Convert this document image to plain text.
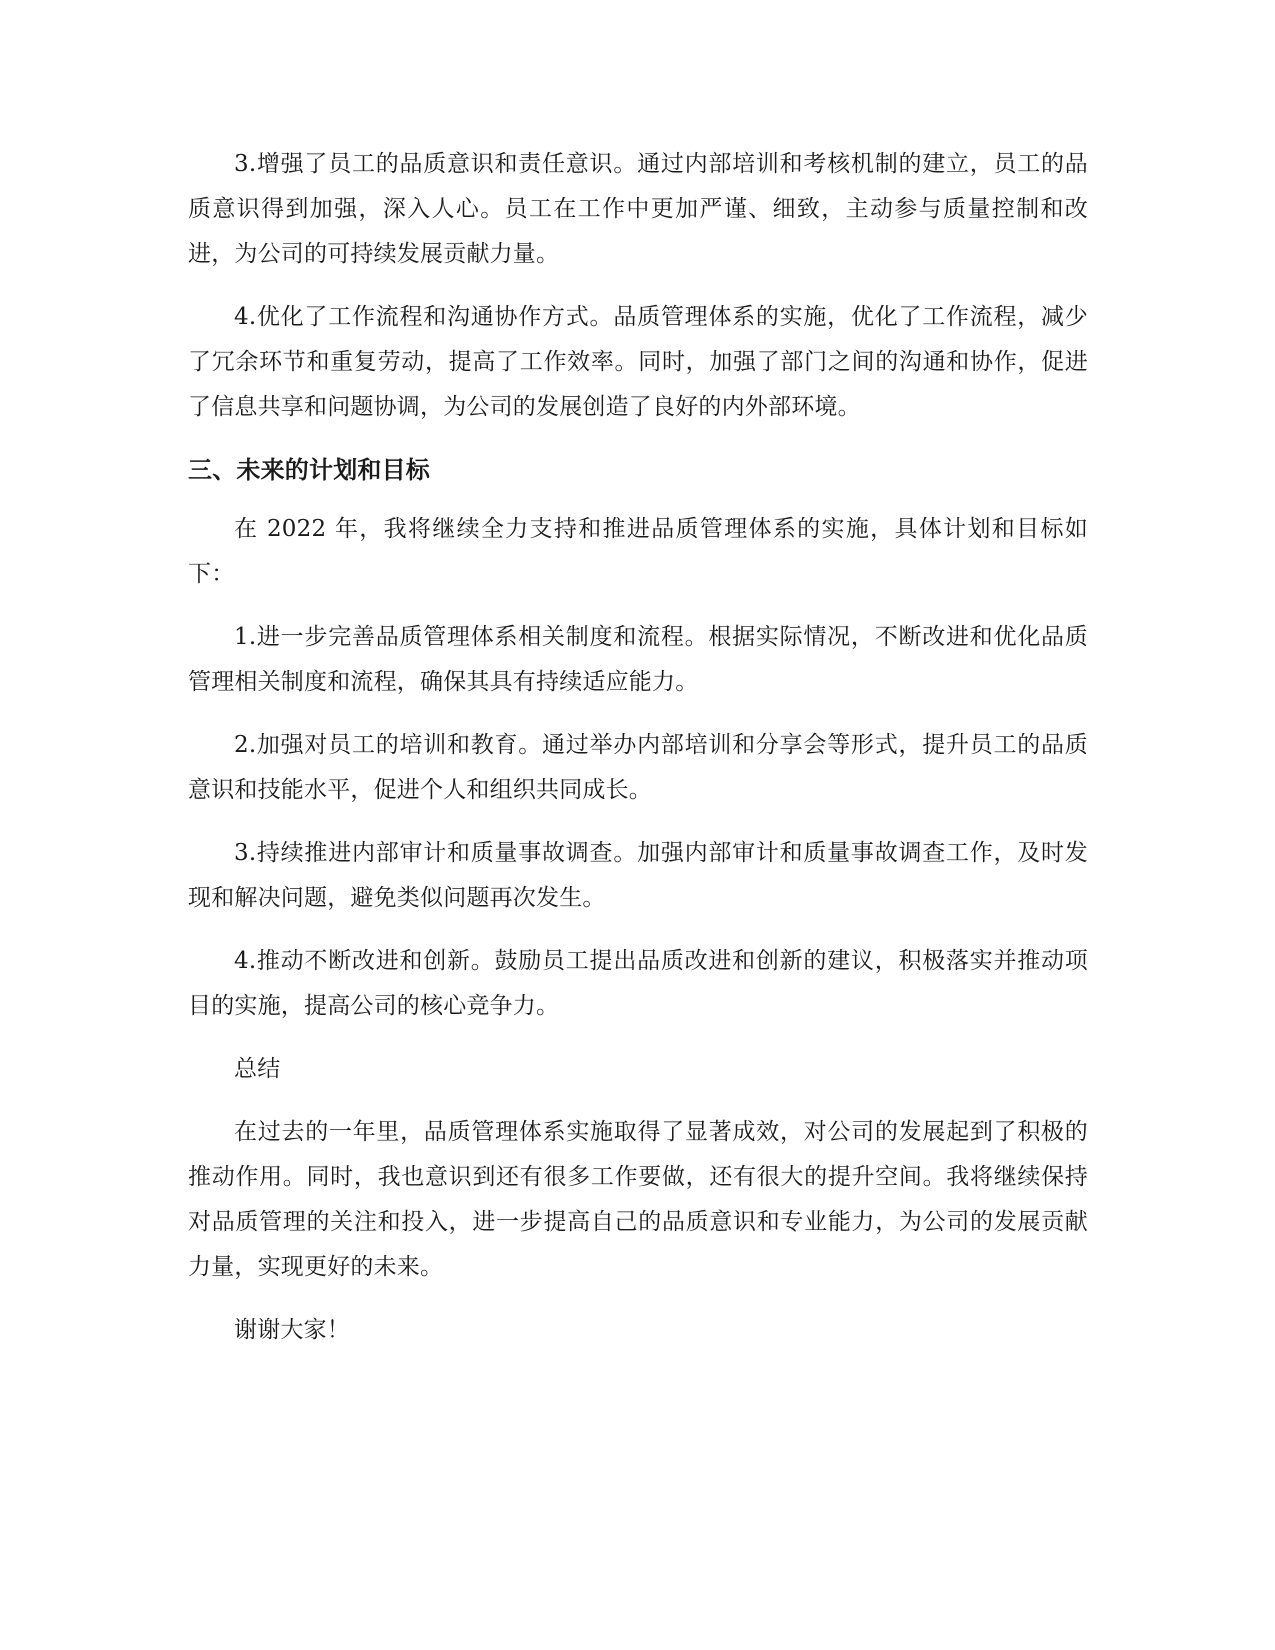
3.增强了员工的品质意识和责任意识。通过内部培训和考核机制的建立，员工的品质意识得到加强，深入人心。员工在工作中更加严谨、细致，主动参与质量控制和改进，为公司的可持续发展贡献力量。

4.优化了工作流程和沟通协作方式。品质管理体系的实施，优化了工作流程，减少了冗余环节和重复劳动，提高了工作效率。同时，加强了部门之间的沟通和协作，促进了信息共享和问题协调，为公司的发展创造了良好的内外部环境。

三、未来的计划和目标

在 2022 年，我将继续全力支持和推进品质管理体系的实施，具体计划和目标如下：

1.进一步完善品质管理体系相关制度和流程。根据实际情况，不断改进和优化品质管理相关制度和流程，确保其具有持续适应能力。

2.加强对员工的培训和教育。通过举办内部培训和分享会等形式，提升员工的品质意识和技能水平，促进个人和组织共同成长。

3.持续推进内部审计和质量事故调查。加强内部审计和质量事故调查工作，及时发现和解决问题，避免类似问题再次发生。

4.推动不断改进和创新。鼓励员工提出品质改进和创新的建议，积极落实并推动项目的实施，提高公司的核心竞争力。

总结

在过去的一年里，品质管理体系实施取得了显著成效，对公司的发展起到了积极的推动作用。同时，我也意识到还有很多工作要做，还有很大的提升空间。我将继续保持对品质管理的关注和投入，进一步提高自己的品质意识和专业能力，为公司的发展贡献力量，实现更好的未来。

谢谢大家！
